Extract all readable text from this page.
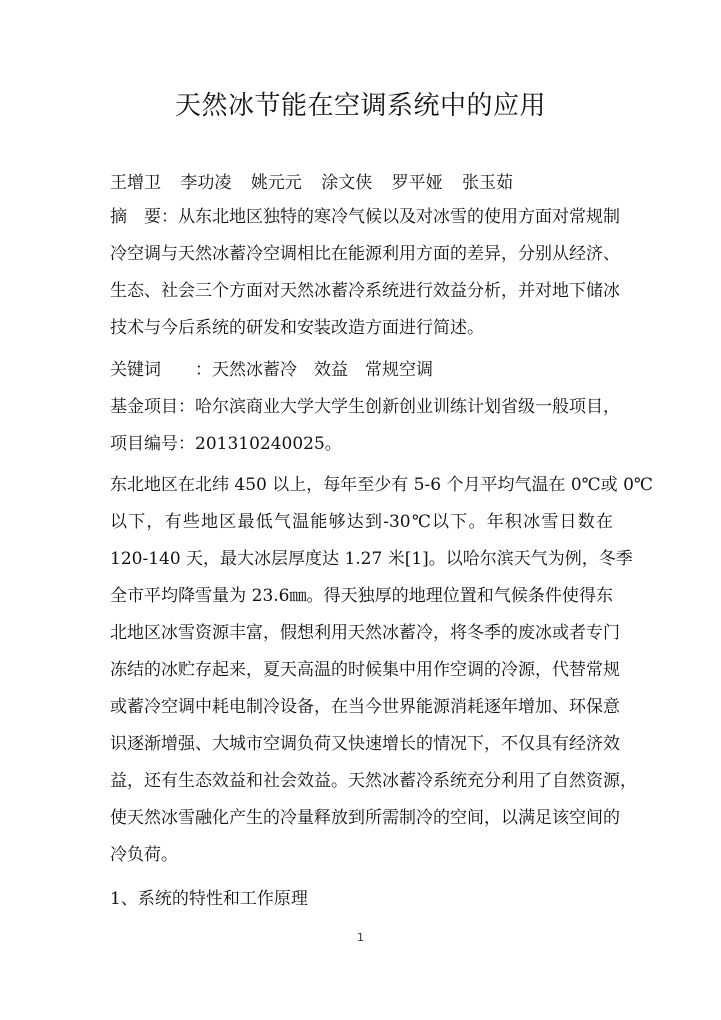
天然冰节能在空调系统中的应用
王增卫 李功凌 姚元元 涂文侠 罗平娅 张玉茹
摘　要：从东北地区独特的寒冷气候以及对冰雪的使用方面对常规制
冷空调与天然冰蓄冷空调相比在能源利用方面的差异，分别从经济、
生态、社会三个方面对天然冰蓄冷系统进行效益分析，并对地下储冰
技术与今后系统的研发和安装改造方面进行简述。
关键词　　：天然冰蓄冷　效益　常规空调
基金项目：哈尔滨商业大学大学生创新创业训练计划省级一般项目，
项目编号：201310240025。
东北地区在北纬 450 以上，每年至少有 5-6 个月平均气温在 0℃或 0℃
以下，有些地区最低气温能够达到-30℃以下。年积冰雪日数在
120-140 天，最大冰层厚度达 1.27 米[1]。以哈尔滨天气为例，冬季
全市平均降雪量为 23.6㎜。得天独厚的地理位置和气候条件使得东
北地区冰雪资源丰富，假想利用天然冰蓄冷，将冬季的废冰或者专门
冻结的冰贮存起来，夏天高温的时候集中用作空调的冷源，代替常规
或蓄冷空调中耗电制冷设备，在当今世界能源消耗逐年增加、环保意
识逐渐增强、大城市空调负荷又快速增长的情况下，不仅具有经济效
益，还有生态效益和社会效益。天然冰蓄冷系统充分利用了自然资源，
使天然冰雪融化产生的冷量释放到所需制冷的空间，以满足该空间的
冷负荷。
1、系统的特性和工作原理
1
